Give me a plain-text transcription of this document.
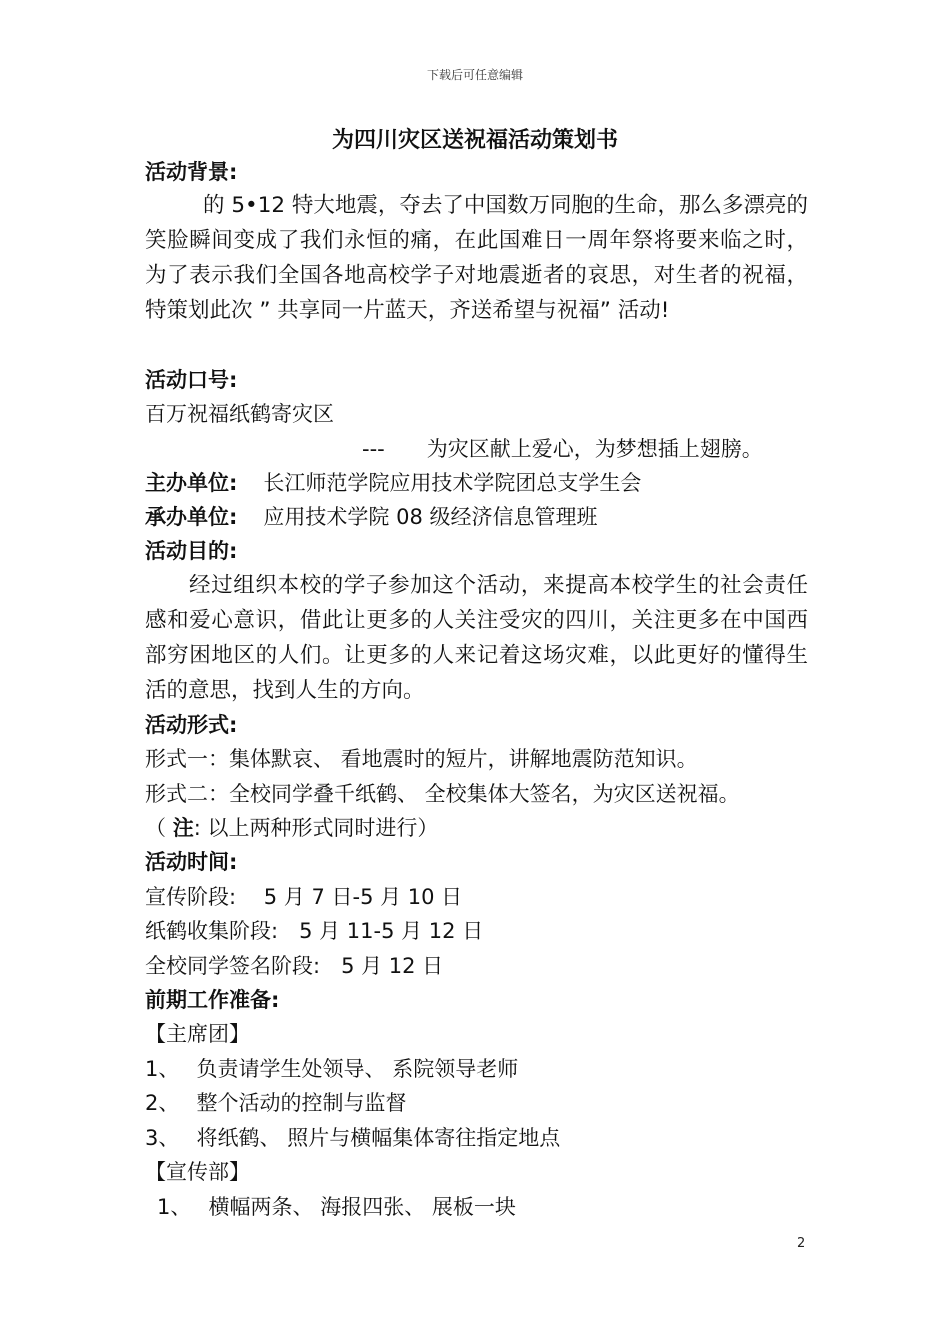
下载后可任意编辑
为四川灾区送祝福活动策划书
活动背景:
的 5•12 特大地震，夺去了中国数万同胞的生命，那么多漂亮的笑脸瞬间变成了我们永恒的痛，在此国难日一周年祭将要来临之时，为了表示我们全国各地高校学子对地震逝者的哀思，对生者的祝福，特策划此次 ” 共享同一片蓝天，齐送希望与祝福” 活动!
活动口号:
百万祝福纸鹤寄灾区
---　　为灾区献上爱心，为梦想插上翅膀。
主办单位: 长江师范学院应用技术学院团总支学生会
承办单位: 应用技术学院 08 级经济信息管理班
活动目的:
经过组织本校的学子参加这个活动，来提高本校学生的社会责任感和爱心意识，借此让更多的人关注受灾的四川，关注更多在中国西部穷困地区的人们。让更多的人来记着这场灾难，以此更好的懂得生活的意思，找到人生的方向。
活动形式:
形式一：集体默哀、 看地震时的短片，讲解地震防范知识。
形式二：全校同学叠千纸鹤、 全校集体大签名，为灾区送祝福。
（ 注: 以上两种形式同时进行）
活动时间:
宣传阶段:　 5 月 7 日-5 月 10 日
纸鹤收集阶段:　5 月 11-5 月 12 日
全校同学签名阶段:　5 月 12 日
前期工作准备:
【主席团】
1、　 负责请学生处领导、 系院领导老师
2、　 整个活动的控制与监督
3、　 将纸鹤、 照片与横幅集体寄往指定地点
【宣传部】
1、　 横幅两条、 海报四张、 展板一块
2
